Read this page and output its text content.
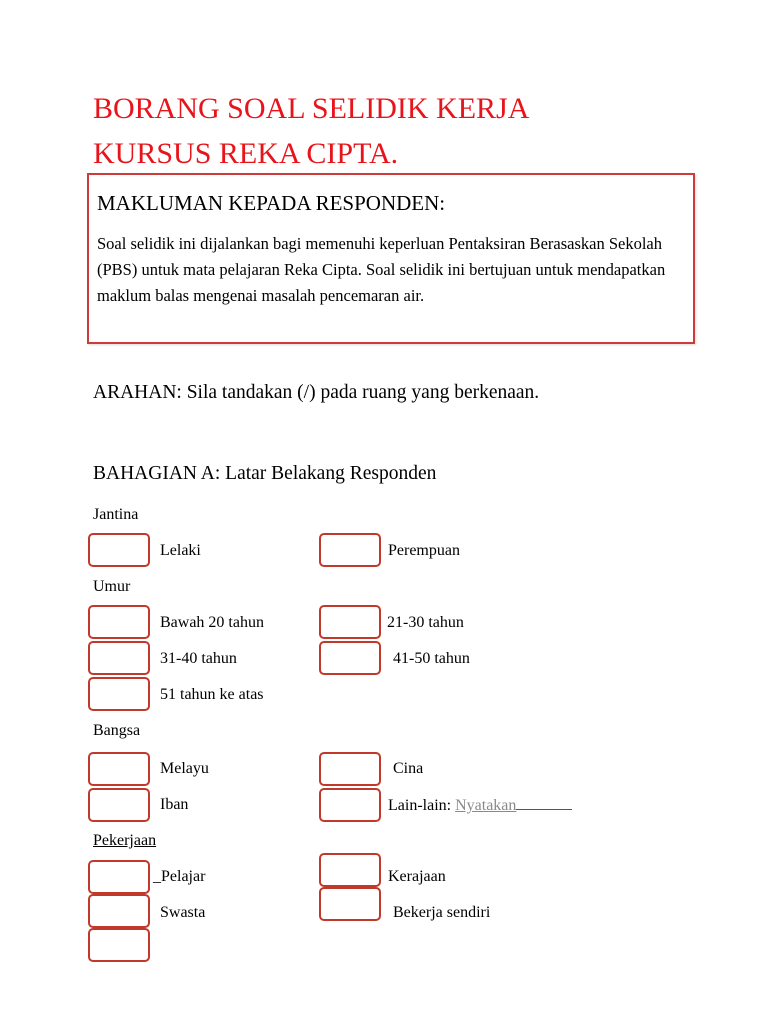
BORANG SOAL SELIDIK KERJA
KURSUS REKA CIPTA.
MAKLUMAN KEPADA RESPONDEN:
Soal selidik ini dijalankan bagi memenuhi keperluan Pentaksiran Berasaskan Sekolah (PBS) untuk mata pelajaran Reka Cipta. Soal selidik ini bertujuan untuk mendapatkan maklum balas mengenai masalah pencemaran air.
ARAHAN: Sila tandakan (/) pada ruang yang berkenaan.
BAHAGIAN A: Latar Belakang Responden
Jantina
Lelaki	Perempuan
Umur
Bawah 20 tahun	21-30 tahun
31-40 tahun	41-50 tahun
51 tahun ke atas
Bangsa
Melayu	Cina
Iban	Lain-lain: Nyatakan
Pekerjaan
_Pelajar	Kerajaan
Swasta	Bekerja sendiri
